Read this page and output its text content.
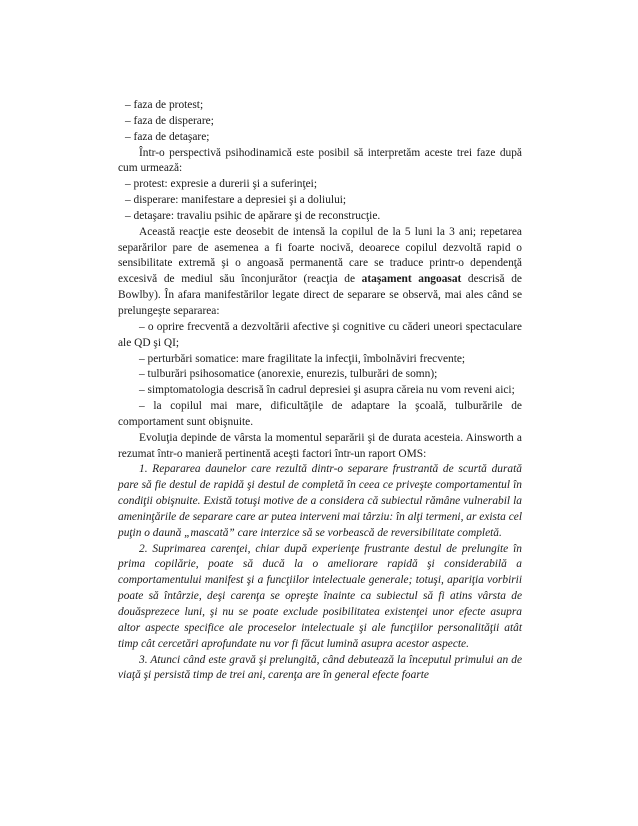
– faza de protest;

– faza de disperare;

– faza de detaşare;

Într-o perspectivă psihodinamică este posibil să interpretăm aceste trei faze după cum urmează:

– protest: expresie a durerii şi a suferinţei;

– disperare: manifestare a depresiei şi a doliului;

– detaşare: travaliu psihic de apărare şi de reconstrucţie.

Această reacţie este deosebit de intensă la copilul de la 5 luni la 3 ani; repetarea separărilor pare de asemenea a fi foarte nocivă, deoarece copilul dezvoltă rapid o sensibilitate extremă şi o angoasă permanentă care se traduce printr-o dependenţă excesivă de mediul său înconjurător (reacţia de ataşament angoasat descrisă de Bowlby). În afara manifestărilor legate direct de separare se observă, mai ales când se prelungeşte separarea:

– o oprire frecventă a dezvoltării afective şi cognitive cu căderi uneori spectaculare ale QD şi QI;

– perturbări somatice: mare fragilitate la infecţii, îmbolnăviri frecvente;

– tulburări psihosomatice (anorexie, enurezis, tulburări de somn);

– simptomatologia descrisă în cadrul depresiei şi asupra căreia nu vom reveni aici;

– la copilul mai mare, dificultăţile de adaptare la şcoală, tulburările de comportament sunt obişnuite.

Evoluţia depinde de vârsta la momentul separării şi de durata acesteia. Ainsworth a rezumat într-o manieră pertinentă aceşti factori într-un raport OMS:

1. Repararea daunelor care rezultă dintr-o separare frustrantă de scurtă durată pare să fie destul de rapidă şi destul de completă în ceea ce priveşte comportamentul în condiţii obişnuite. Există totuşi motive de a considera că subiectul rămâne vulnerabil la ameninţările de separare care ar putea interveni mai târziu: în alţi termeni, ar exista cel puţin o daună „mascată” care interzice să se vorbească de reversibilitate completă.

2. Suprimarea carenţei, chiar după experienţe frustrante destul de prelungite în prima copilărie, poate să ducă la o ameliorare rapidă şi considerabilă a comportamentului manifest şi a funcţiilor intelectuale generale; totuşi, apariţia vorbirii poate să întârzie, deşi carenţa se opreşte înainte ca subiectul să fi atins vârsta de douăsprezece luni, şi nu se poate exclude posibilitatea existenţei unor efecte asupra altor aspecte specifice ale proceselor intelectuale şi ale funcţiilor personalităţii atât timp cât cercetări aprofundate nu vor fi făcut lumină asupra acestor aspecte.

3. Atunci când este gravă şi prelungită, când debutează la începutul primului an de viaţă şi persistă timp de trei ani, carenţa are în general efecte foarte
